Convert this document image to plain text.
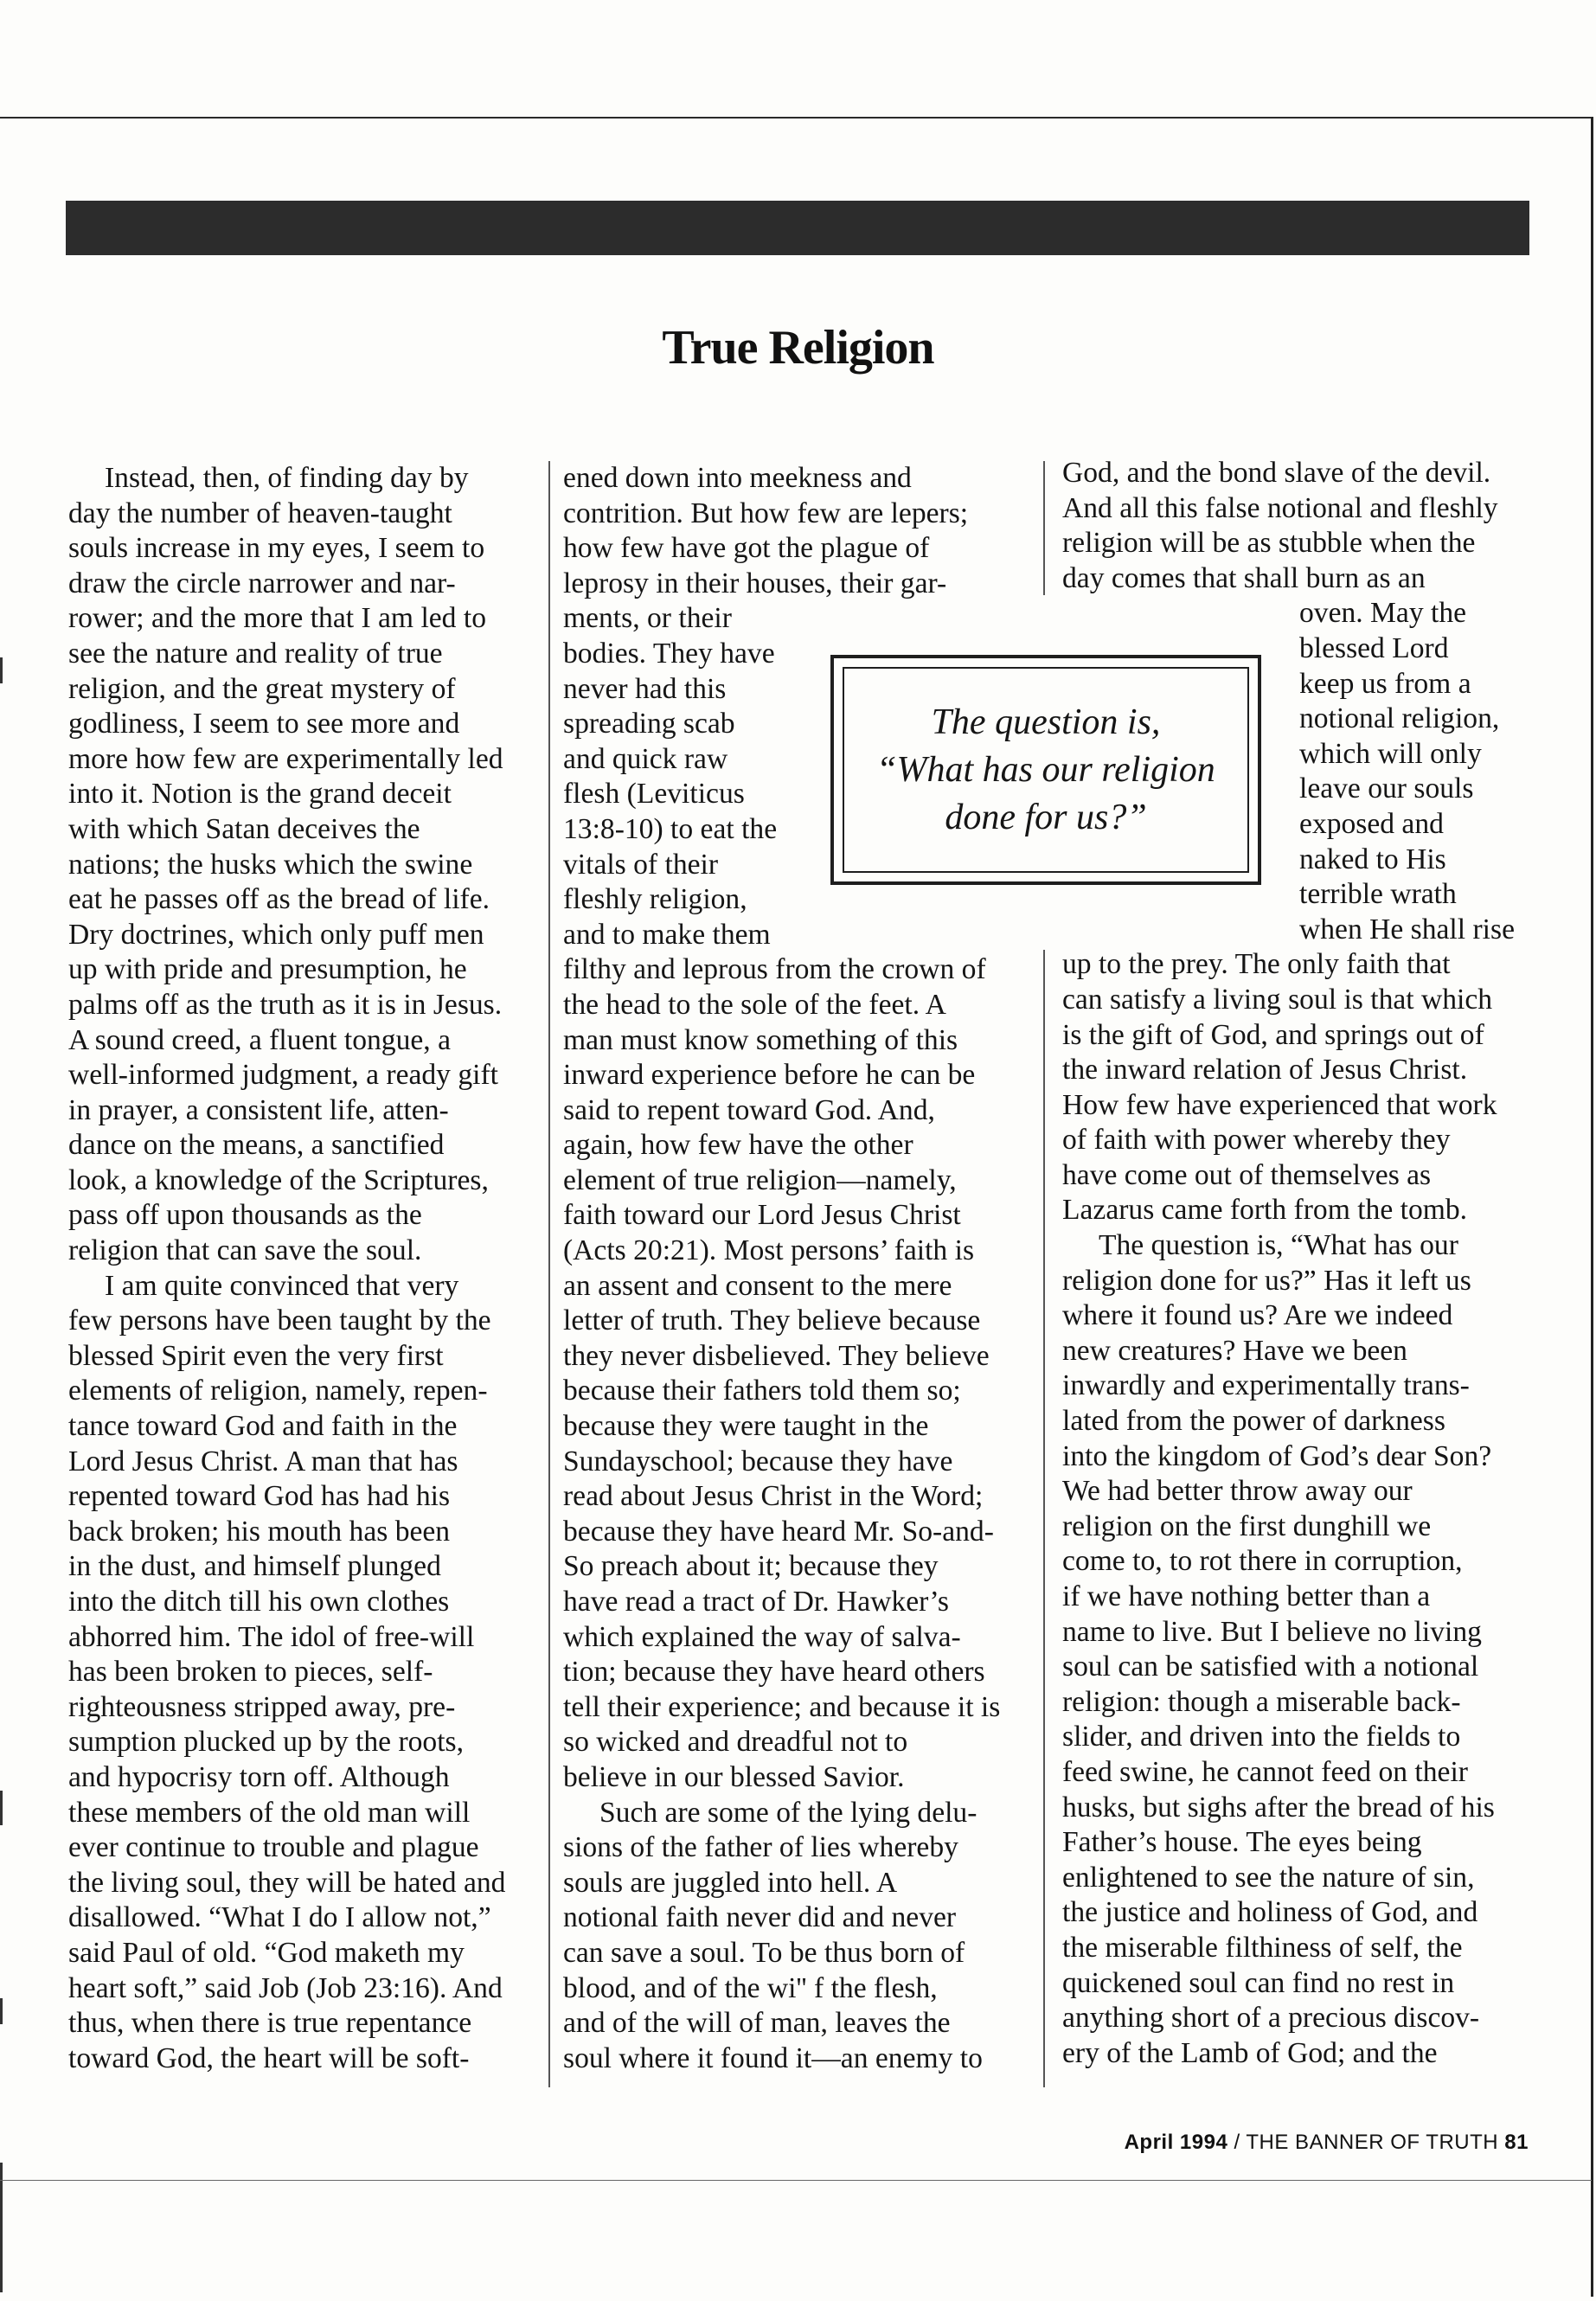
True Religion

Instead, then, of finding day by

day the number of heaven-taught

souls increase in my eyes, I seem to

draw the circle narrower and nar-

rower; and the more that I am led to

see the nature and reality of true

religion, and the great mystery of

godliness, I seem to see more and

more how few are experimentally led

into it. Notion is the grand deceit

with which Satan deceives the

nations; the husks which the swine

eat he passes off as the bread of life.

Dry doctrines, which only puff men

up with pride and presumption, he

palms off as the truth as it is in Jesus.

A sound creed, a fluent tongue, a

well-informed judgment, a ready gift

in prayer, a consistent life, atten-

dance on the means, a sanctified

look, a knowledge of the Scriptures,

pass off upon thousands as the

religion that can save the soul.

I am quite convinced that very

few persons have been taught by the

blessed Spirit even the very first

elements of religion, namely, repen-

tance toward God and faith in the

Lord Jesus Christ. A man that has

repented toward God has had his

back broken; his mouth has been

in the dust, and himself plunged

into the ditch till his own clothes

abhorred him. The idol of free-will

has been broken to pieces, self-

righteousness stripped away, pre-

sumption plucked up by the roots,

and hypocrisy torn off. Although

these members of the old man will

ever continue to trouble and plague

the living soul, they will be hated and

disallowed. “What I do I allow not,”

said Paul of old. “God maketh my

heart soft,” said Job (Job 23:16). And

thus, when there is true repentance

toward God, the heart will be soft-

ened down into meekness and

contrition. But how few are lepers;

how few have got the plague of

leprosy in their houses, their gar-

ments, or their

bodies. They have

never had this

spreading scab

and quick raw

flesh (Leviticus

13:8-10) to eat the

vitals of their

fleshly religion,

and to make them

filthy and leprous from the crown of

the head to the sole of the feet. A

man must know something of this

inward experience before he can be

said to repent toward God. And,

again, how few have the other

element of true religion—namely,

faith toward our Lord Jesus Christ

(Acts 20:21). Most persons’ faith is

an assent and consent to the mere

letter of truth. They believe because

they never disbelieved. They believe

because their fathers told them so;

because they were taught in the

Sundayschool; because they have

read about Jesus Christ in the Word;

because they have heard Mr. So-and-

So preach about it; because they

have read a tract of Dr. Hawker’s

which explained the way of salva-

tion; because they have heard others

tell their experience; and because it is

so wicked and dreadful not to

believe in our blessed Savior.

Such are some of the lying delu-

sions of the father of lies whereby

souls are juggled into hell. A

notional faith never did and never

can save a soul. To be thus born of

blood, and of the wi'' f the flesh,

and of the will of man, leaves the

soul where it found it—an enemy to

God, and the bond slave of the devil.

And all this false notional and fleshly

religion will be as stubble when the

day comes that shall burn as an

oven. May the

blessed Lord

keep us from a

notional religion,

which will only

leave our souls

exposed and

naked to His

terrible wrath

when He shall rise

up to the prey. The only faith that

can satisfy a living soul is that which

is the gift of God, and springs out of

the inward relation of Jesus Christ.

How few have experienced that work

of faith with power whereby they

have come out of themselves as

Lazarus came forth from the tomb.

The question is, “What has our

religion done for us?” Has it left us

where it found us? Are we indeed

new creatures? Have we been

inwardly and experimentally trans-

lated from the power of darkness

into the kingdom of God’s dear Son?

We had better throw away our

religion on the first dunghill we

come to, to rot there in corruption,

if we have nothing better than a

name to live. But I believe no living

soul can be satisfied with a notional

religion: though a miserable back-

slider, and driven into the fields to

feed swine, he cannot feed on their

husks, but sighs after the bread of his

Father’s house. The eyes being

enlightened to see the nature of sin,

the justice and holiness of God, and

the miserable filthiness of self, the

quickened soul can find no rest in

anything short of a precious discov-

ery of the Lamb of God; and the

The question is,
“What has our religion
done for us?”
April 1994 / THE BANNER OF TRUTH 81
